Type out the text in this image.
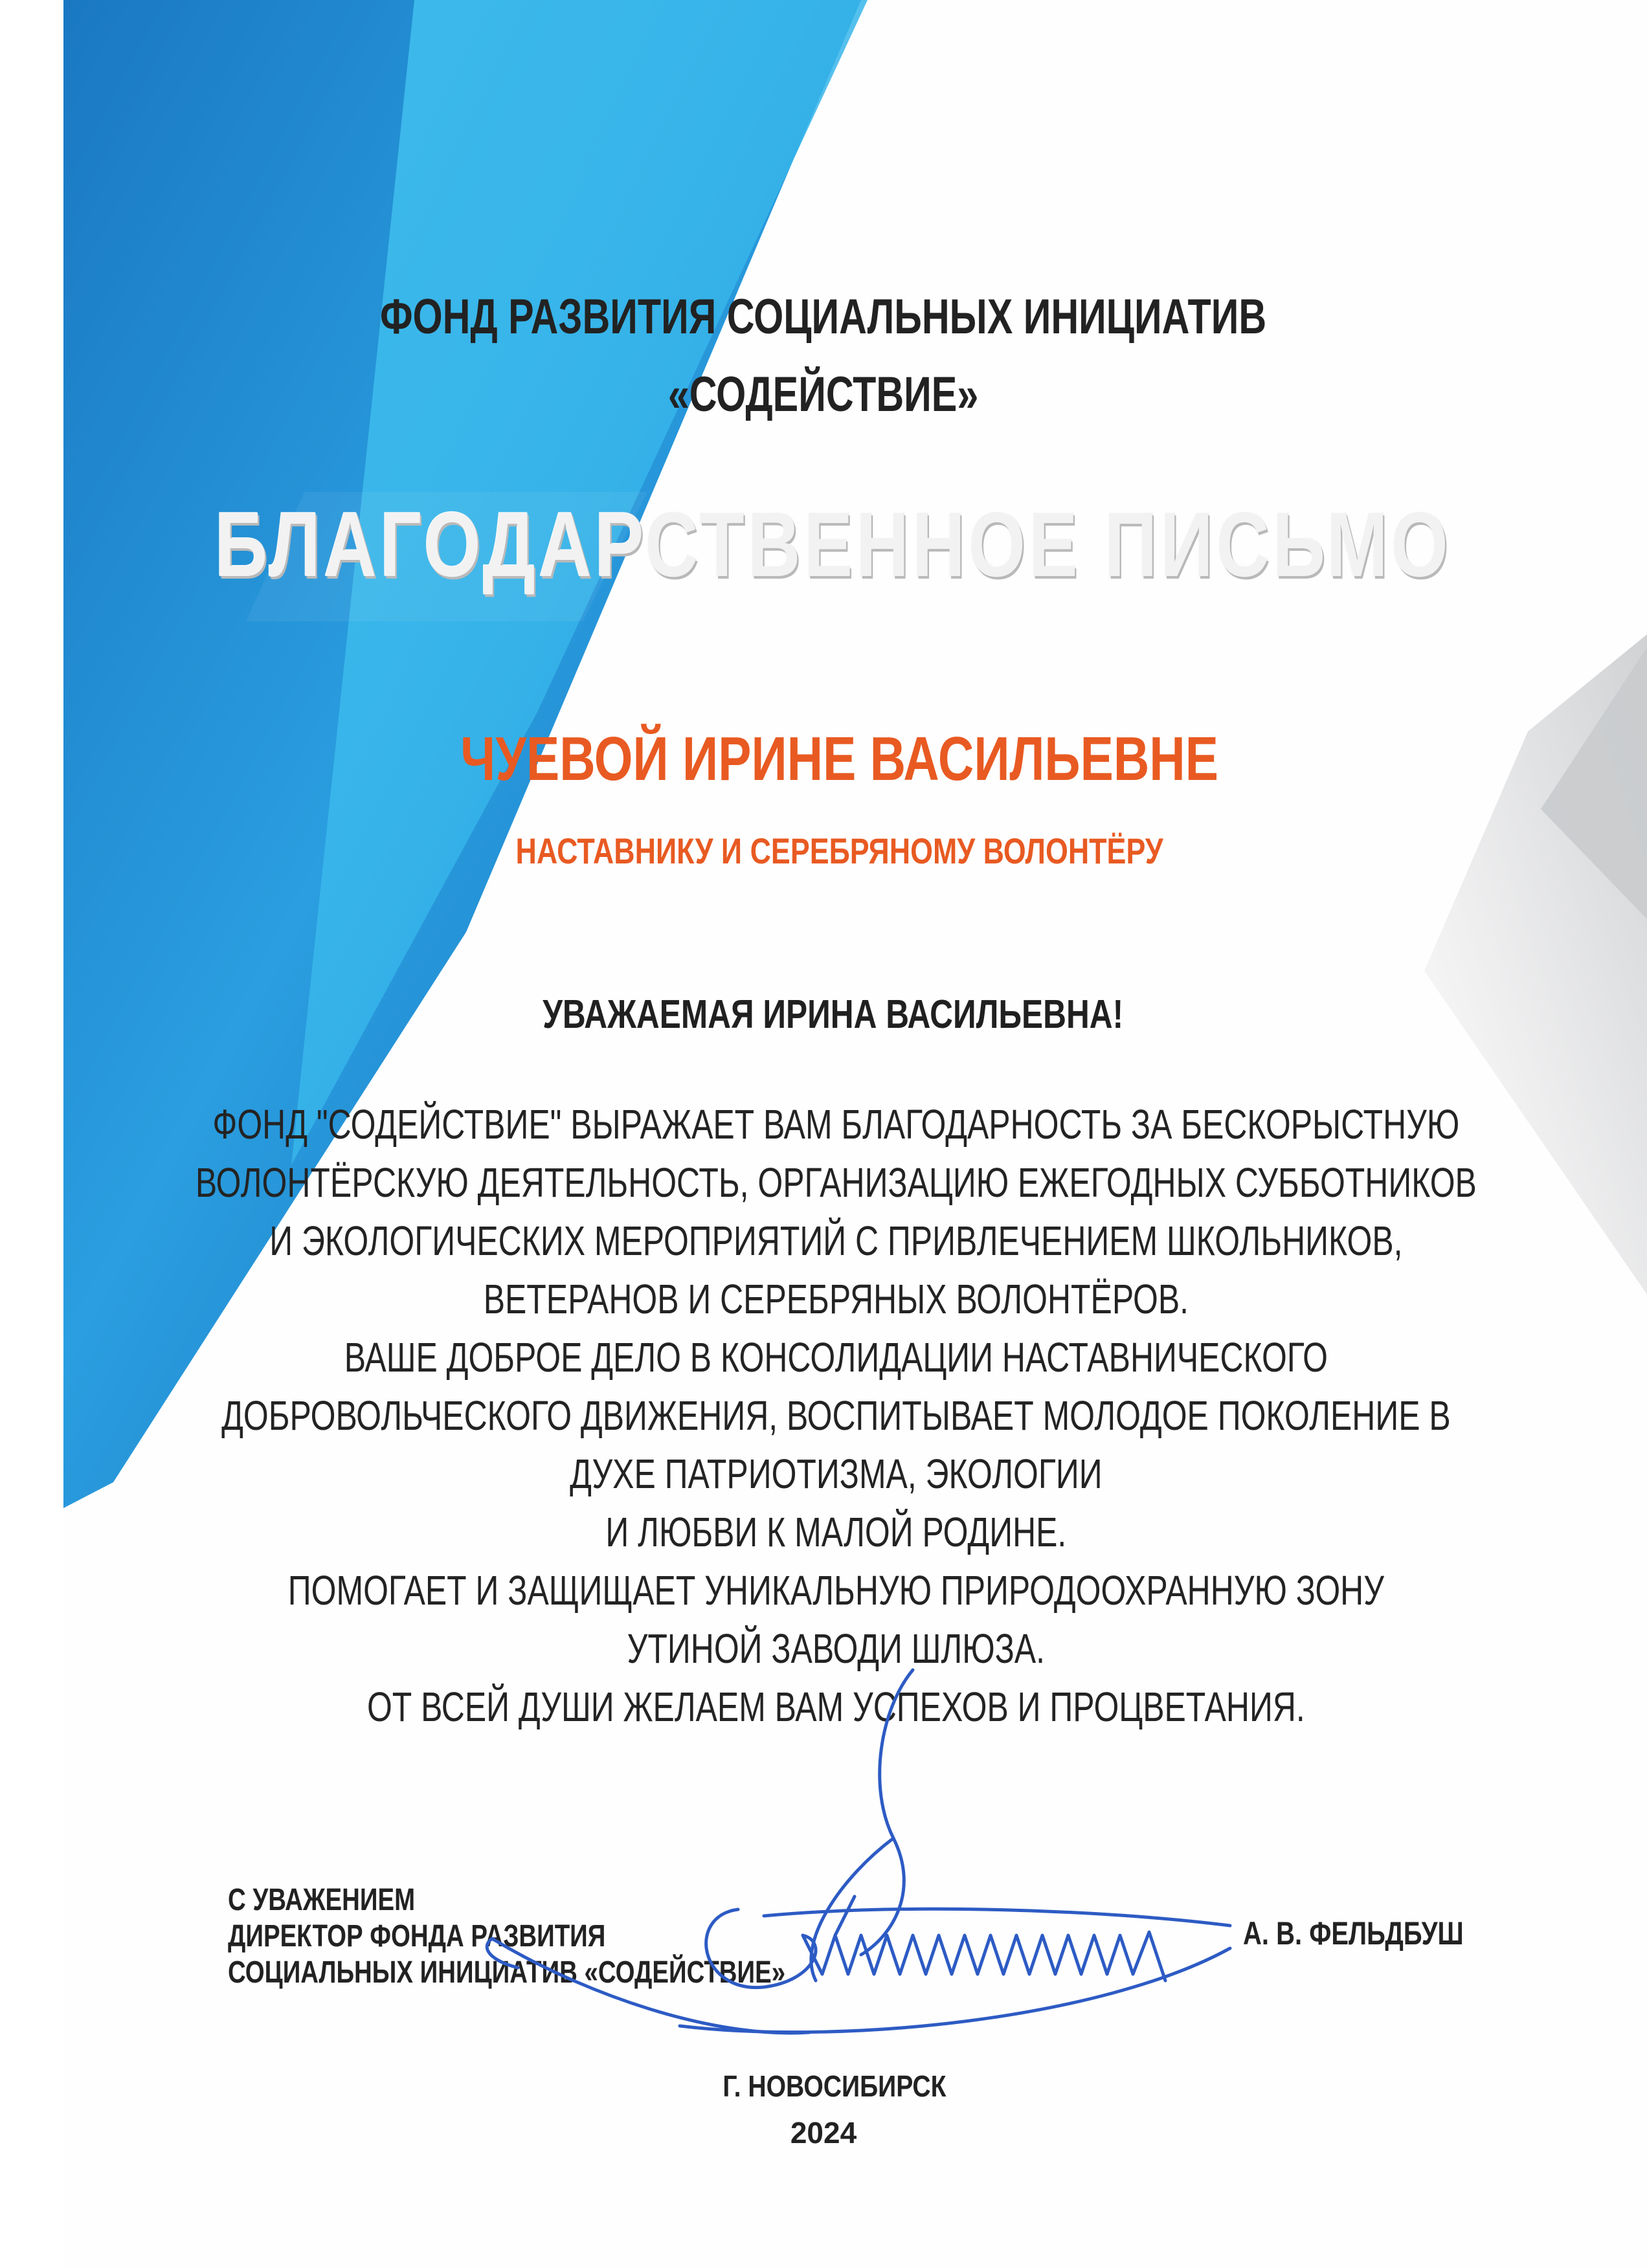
ФОНД РАЗВИТИЯ СОЦИАЛЬНЫХ ИНИЦИАТИВ
«СОДЕЙСТВИЕ»
БЛАГОДАРСТВЕННОЕ ПИСЬМО
ЧУЕВОЙ ИРИНЕ ВАСИЛЬЕВНЕ
НАСТАВНИКУ И СЕРЕБРЯНОМУ ВОЛОНТЁРУ
УВАЖАЕМАЯ ИРИНА ВАСИЛЬЕВНА!
ФОНД "СОДЕЙСТВИЕ" ВЫРАЖАЕТ ВАМ БЛАГОДАРНОСТЬ ЗА БЕСКОРЫСТНУЮ
ВОЛОНТЁРСКУЮ ДЕЯТЕЛЬНОСТЬ, ОРГАНИЗАЦИЮ ЕЖЕГОДНЫХ СУББОТНИКОВ
И ЭКОЛОГИЧЕСКИХ МЕРОПРИЯТИЙ С ПРИВЛЕЧЕНИЕМ ШКОЛЬНИКОВ,
ВЕТЕРАНОВ И СЕРЕБРЯНЫХ ВОЛОНТЁРОВ.
ВАШЕ ДОБРОЕ ДЕЛО В КОНСОЛИДАЦИИ НАСТАВНИЧЕСКОГО
ДОБРОВОЛЬЧЕСКОГО ДВИЖЕНИЯ, ВОСПИТЫВАЕТ МОЛОДОЕ ПОКОЛЕНИЕ В
ДУХЕ ПАТРИОТИЗМА, ЭКОЛОГИИ
И ЛЮБВИ К МАЛОЙ РОДИНЕ.
ПОМОГАЕТ И ЗАЩИЩАЕТ УНИКАЛЬНУЮ ПРИРОДООХРАННУЮ ЗОНУ
УТИНОЙ ЗАВОДИ ШЛЮЗА.
ОТ ВСЕЙ ДУШИ ЖЕЛАЕМ ВАМ УСПЕХОВ И ПРОЦВЕТАНИЯ.
С УВАЖЕНИЕМ
ДИРЕКТОР ФОНДА РАЗВИТИЯ
СОЦИАЛЬНЫХ ИНИЦИАТИВ «СОДЕЙСТВИЕ»
А. В. ФЕЛЬДБУШ
Г. НОВОСИБИРСК
2024
